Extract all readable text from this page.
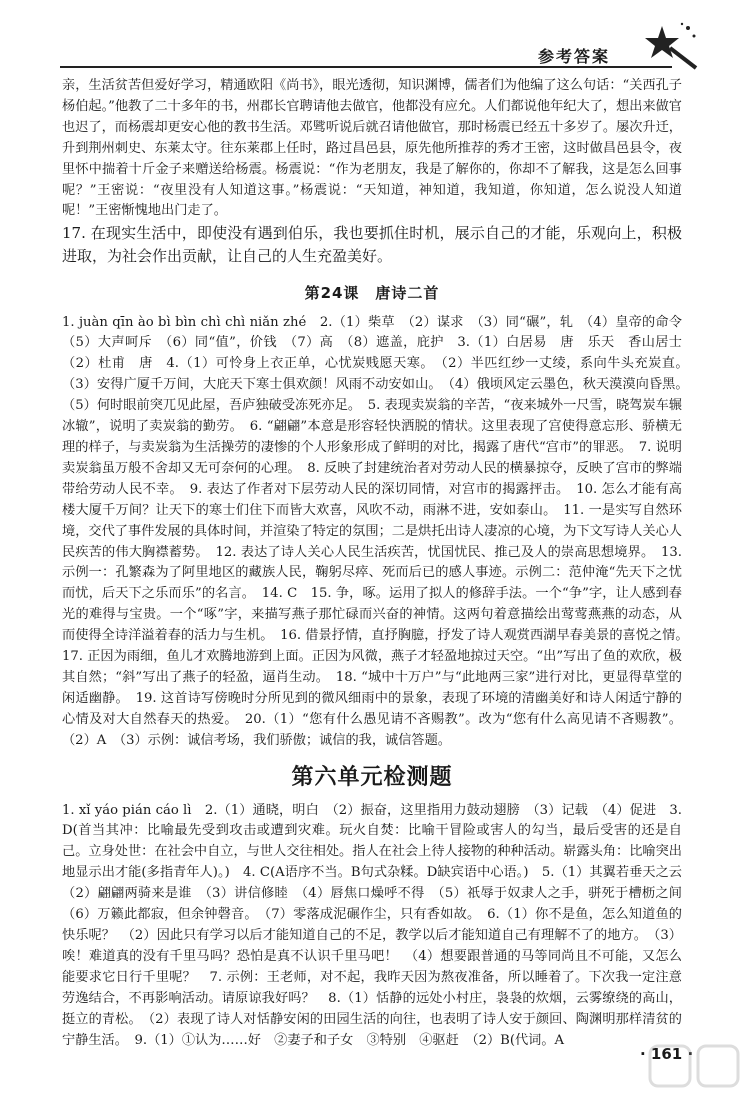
参考答案

亲，生活贫苦但爱好学习，精通欧阳《尚书》，眼光透彻，知识渊博，儒者们为他编了这么句话：“关西孔子杨伯起。”他教了二十多年的书，州郡长官聘请他去做官，他都没有应允。人们都说他年纪大了，想出来做官也迟了，而杨震却更安心他的教书生活。邓骘听说后就召请他做官，那时杨震已经五十多岁了。屡次升迁，升到荆州刺史、东莱太守。往东莱郡上任时，路过昌邑县，原先他所推荐的秀才王密，这时做昌邑县令，夜里怀中揣着十斤金子来赠送给杨震。杨震说：“作为老朋友，我是了解你的，你却不了解我，这是怎么回事呢？”王密说：“夜里没有人知道这事。”杨震说：“天知道，神知道，我知道，你知道，怎么说没人知道呢！”王密惭愧地出门走了。

17. 在现实生活中，即使没有遇到伯乐，我也要抓住时机，展示自己的才能，乐观向上，积极进取，为社会作出贡献，让自己的人生充盈美好。

第24课　唐诗二首

1. juàn qīn ào bì bìn chì chì niǎn zhé　2.（1）柴草　（2）谋求　（3）同“碾”，轧　（4）皇帝的命令　（5）大声呵斥　（6）同“值”，价钱　（7）高　（8）遮盖，庇护　3.（1）白居易　唐　乐天　香山居士　（2）杜甫　唐　4.（1）可怜身上衣正单，心忧炭贱愿天寒。　（2）半匹红纱一丈绫，系向牛头充炭直。　（3）安得广厦千万间，大庇天下寒士俱欢颜！风雨不动安如山。　（4）俄顷风定云墨色，秋天漠漠向昏黑。　（5）何时眼前突兀见此屋，吾庐独破受冻死亦足。　5. 表现卖炭翁的辛苦，“夜来城外一尺雪，晓驾炭车辗冰辙”，说明了卖炭翁的勤劳。　6. “翩翩”本意是形容轻快洒脱的情状。这里表现了宫使得意忘形、骄横无理的样子，与卖炭翁为生活操劳的凄惨的个人形象形成了鲜明的对比，揭露了唐代“宫市”的罪恶。　7. 说明卖炭翁虽万般不舍却又无可奈何的心理。　8. 反映了封建统治者对劳动人民的横暴掠夺，反映了宫市的弊端带给劳动人民不幸。　9. 表达了作者对下层劳动人民的深切同情，对宫市的揭露抨击。　10. 怎么才能有高楼大厦千万间？让天下的寒士们住下而皆大欢喜，风吹不动，雨淋不进，安如泰山。　11. 一是实写自然环境，交代了事件发展的具体时间，并渲染了特定的氛围；二是烘托出诗人凄凉的心境，为下文写诗人关心人民疾苦的伟大胸襟蓄势。　12. 表达了诗人关心人民生活疾苦，忧国忧民、推己及人的崇高思想境界。　13. 示例一：孔繁森为了阿里地区的藏族人民，鞠躬尽瘁、死而后已的感人事迹。示例二：范仲淹“先天下之忧而忧，后天下之乐而乐”的名言。　14. C　15. 争，啄。运用了拟人的修辞手法。一个“争”字，让人感到春光的难得与宝贵。一个“啄”字，来描写燕子那忙碌而兴奋的神情。这两句着意描绘出莺莺燕燕的动态，从而使得全诗洋溢着春的活力与生机。　16. 借景抒情，直抒胸臆，抒发了诗人观赏西湖早春美景的喜悦之情。　17. 正因为雨细，鱼儿才欢腾地游到上面。正因为风微，燕子才轻盈地掠过天空。“出”写出了鱼的欢欣，极其自然；“斜”写出了燕子的轻盈，逼肖生动。　18. “城中十万户”与“此地两三家”进行对比，更显得草堂的闲适幽静。　19. 这首诗写傍晚时分所见到的微风细雨中的景象，表现了环境的清幽美好和诗人闲适宁静的心情及对大自然春天的热爱。　20.（1）“您有什么愚见请不吝赐教”。改为“您有什么高见请不吝赐教”。（2）A　（3）示例：诚信考场，我们骄傲；诚信的我，诚信答题。

第六单元检测题

1. xǐ yáo pián cáo lì　2.（1）通晓，明白　（2）振奋，这里指用力鼓动翅膀　（3）记载　（4）促进　3. D(首当其冲：比喻最先受到攻击或遭到灾难。玩火自焚：比喻干冒险或害人的勾当，最后受害的还是自己。立身处世：在社会中自立，与世人交往相处。指人在社会上待人接物的种种活动。崭露头角：比喻突出地显示出才能(多指青年人)。)　4. C(A语序不当。B句式杂糅。D缺宾语中心语。)　5.（1）其翼若垂天之云　（2）翩翩两骑来是谁　（3）讲信修睦　（4）唇焦口燥呼不得　（5）祇辱于奴隶人之手，骈死于槽枥之间　（6）万籁此都寂，但余钟磬音。　（7）零落成泥碾作尘，只有香如故。　6.（1）你不是鱼，怎么知道鱼的快乐呢？　（2）因此只有学习以后才能知道自己的不足，教学以后才能知道自己有理解不了的地方。　（3）唉！难道真的没有千里马吗？恐怕是真不认识千里马吧！　（4）想要跟普通的马等同尚且不可能，又怎么能要求它日行千里呢？　7. 示例：王老师，对不起，我昨天因为熬夜准备，所以睡着了。下次我一定注意劳逸结合，不再影响活动。请原谅我好吗？　8.（1）恬静的远处小村庄，袅袅的炊烟，云雾缭绕的高山，挺立的青松。　（2）表现了诗人对恬静安闲的田园生活的向往，也表明了诗人安于颜回、陶渊明那样清贫的宁静生活。　9.（1）①认为……好　②妻子和子女　③特别　④驱赶　（2）B(代词。A

· 161 ·
